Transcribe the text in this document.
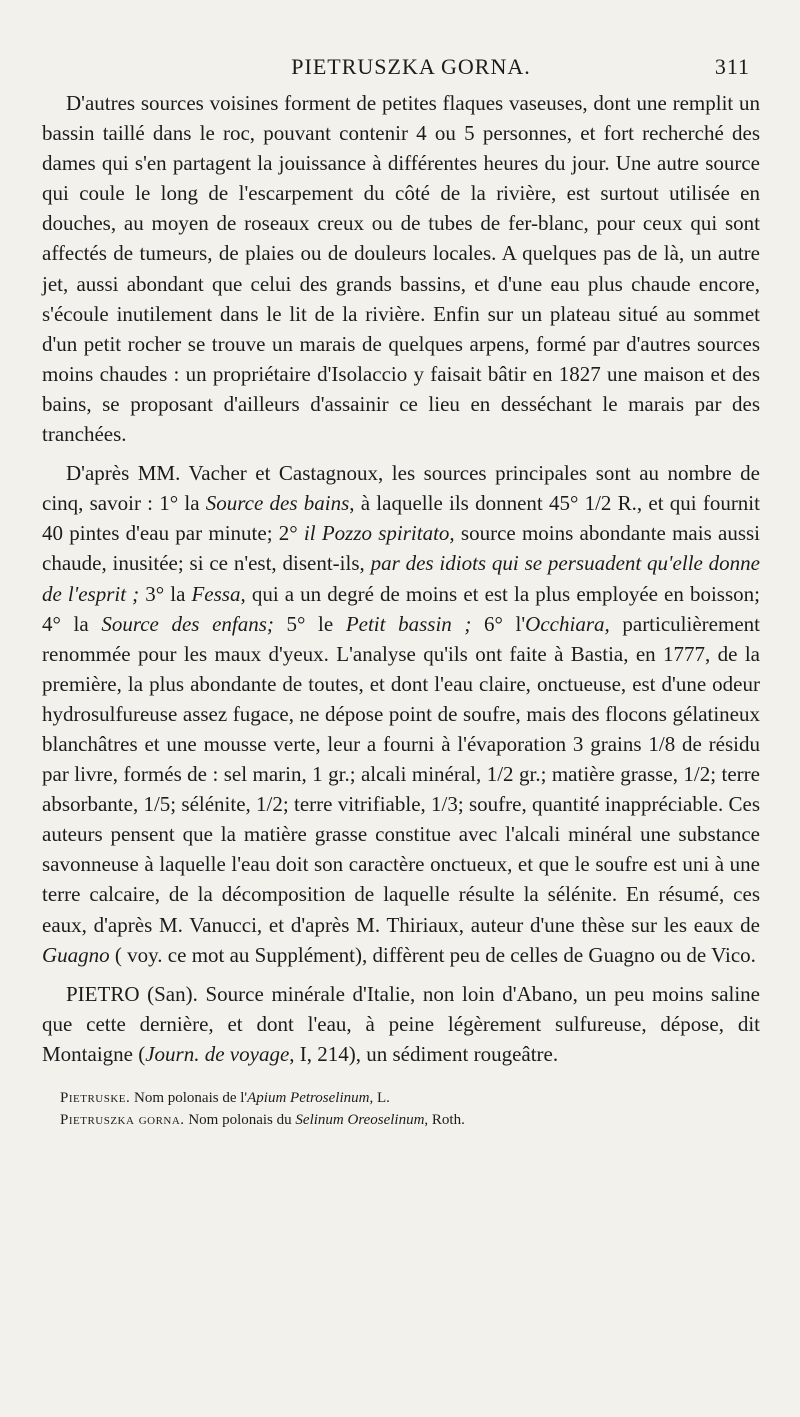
PIETRUSZKA GORNA.	311

D'autres sources voisines forment de petites flaques vaseuses, dont une remplit un bassin taillé dans le roc, pouvant contenir 4 ou 5 personnes, et fort recherché des dames qui s'en partagent la jouissance à différentes heures du jour. Une autre source qui coule le long de l'escarpement du côté de la rivière, est surtout utilisée en douches, au moyen de roseaux creux ou de tubes de fer-blanc, pour ceux qui sont affectés de tumeurs, de plaies ou de douleurs locales. A quelques pas de là, un autre jet, aussi abondant que celui des grands bassins, et d'une eau plus chaude encore, s'écoule inutilement dans le lit de la rivière. Enfin sur un plateau situé au sommet d'un petit rocher se trouve un marais de quelques arpens, formé par d'autres sources moins chaudes : un propriétaire d'Isolaccio y faisait bâtir en 1827 une maison et des bains, se proposant d'ailleurs d'assainir ce lieu en desséchant le marais par des tranchées.

D'après MM. Vacher et Castagnoux, les sources principales sont au nombre de cinq, savoir : 1° la Source des bains, à laquelle ils donnent 45° 1/2 R., et qui fournit 40 pintes d'eau par minute; 2° il Pozzo spiritato, source moins abondante mais aussi chaude, inusitée; si ce n'est, disent-ils, par des idiots qui se persuadent qu'elle donne de l'esprit ; 3° la Fessa, qui a un degré de moins et est la plus employée en boisson; 4° la Source des enfans; 5° le Petit bassin ; 6° l'Occhiara, particulièrement renommée pour les maux d'yeux. L'analyse qu'ils ont faite à Bastia, en 1777, de la première, la plus abondante de toutes, et dont l'eau claire, onctueuse, est d'une odeur hydrosulfureuse assez fugace, ne dépose point de soufre, mais des flocons gélatineux blanchâtres et une mousse verte, leur a fourni à l'évaporation 3 grains 1/8 de résidu par livre, formés de : sel marin, 1 gr.; alcali minéral, 1/2 gr.; matière grasse, 1/2; terre absorbante, 1/5; sélénite, 1/2; terre vitrifiable, 1/3; soufre, quantité inappréciable. Ces auteurs pensent que la matière grasse constitue avec l'alcali minéral une substance savonneuse à laquelle l'eau doit son caractère onctueux, et que le soufre est uni à une terre calcaire, de la décomposition de laquelle résulte la sélénite. En résumé, ces eaux, d'après M. Vanucci, et d'après M. Thiriaux, auteur d'une thèse sur les eaux de Guagno ( voy. ce mot au Supplément), diffèrent peu de celles de Guagno ou de Vico.

PIETRO (San). Source minérale d'Italie, non loin d'Abano, un peu moins saline que cette dernière, et dont l'eau, à peine légèrement sulfureuse, dépose, dit Montaigne (Journ. de voyage, I, 214), un sédiment rougeâtre.

Pietruske. Nom polonais de l'Apium Petroselinum, L.

Pietruszka gorna. Nom polonais du Selinum Oreoselinum, Roth.
